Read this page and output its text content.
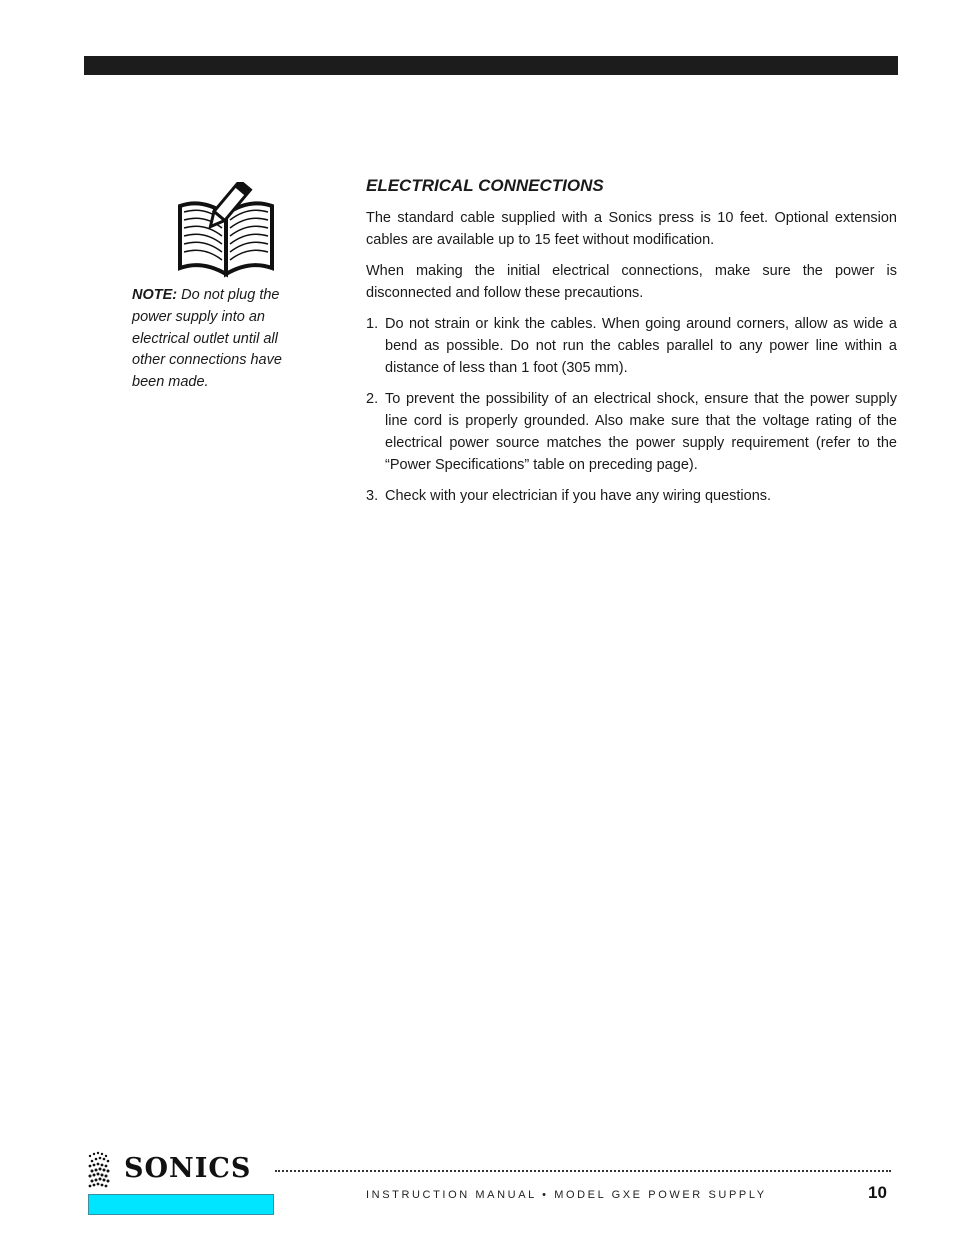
NOTE: Do not plug the power supply into an electrical outlet until all other connections have been made.
ELECTRICAL CONNECTIONS

The standard cable supplied with a Sonics press is 10 feet. Optional extension cables are available up to 15 feet without modification.

When making the initial electrical connections, make sure the power is disconnected and follow these precautions.

1. Do not strain or kink the cables. When going around corners, allow as wide a bend as possible. Do not run the cables parallel to any power line within a distance of less than 1 foot (305 mm).
2. To prevent the possibility of an electrical shock, ensure that the power supply line cord is properly grounded. Also make sure that the voltage rating of the electrical power source matches the power supply requirement (refer to the “Power Specifications” table on preceding page).
3. Check with your electrician if you have any wiring questions.
SONICS
INSTRUCTION MANUAL • MODEL GXE POWER SUPPLY	10
